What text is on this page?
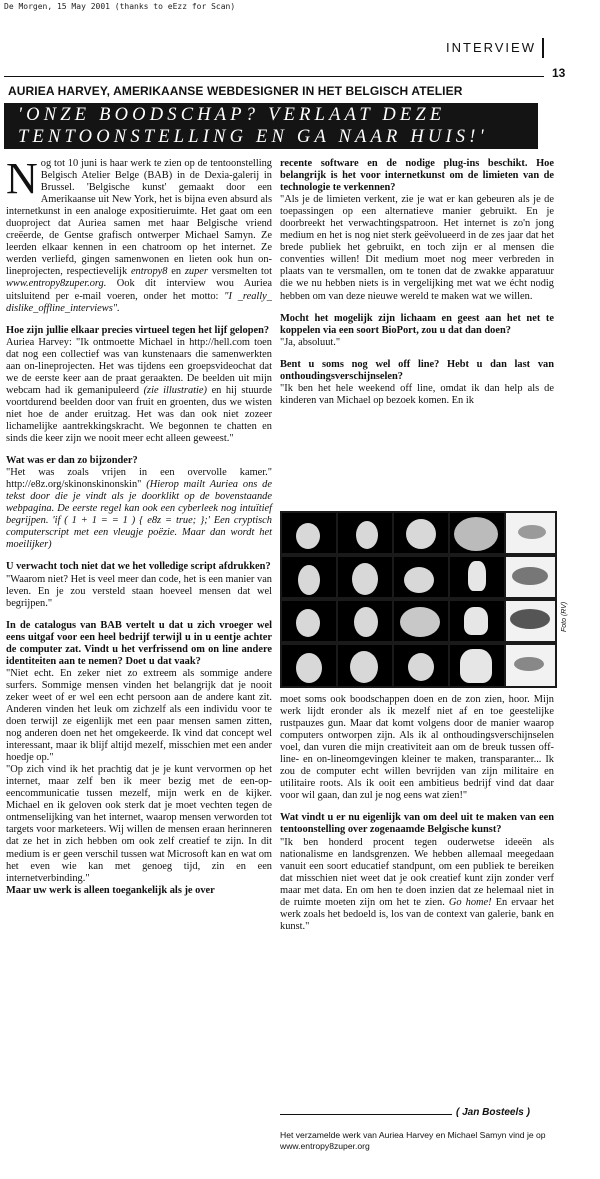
De Morgen, 15 May 2001 (thanks to eEzz for Scan)
INTERVIEW
13
AURIEA HARVEY, AMERIKAANSE WEBDESIGNER IN HET BELGISCH ATELIER
'ONZE BOODSCHAP? VERLAAT DEZE
TENTOONSTELLING EN GA NAAR HUIS!'

Nog tot 10 juni is haar werk te zien op de tentoonstelling Belgisch Atelier Belge (BAB) in de Dexia-galerij in Brussel. 'Belgische kunst' gemaakt door een Amerikaanse uit New York, het is bijna even absurd als internetkunst in een analoge expositieruimte. Het gaat om een duoproject dat Auriea samen met haar Belgische vriend creëerde, de Gentse grafisch ontwerper Michael Samyn. Ze leerden elkaar kennen in een chatroom op het internet. Ze werden verliefd, gingen samenwonen en lieten ook hun on-lineprojecten, respectievelijk entropy8 en zuper versmelten tot www.entropy8zuper.org. Ook dit interview wou Auriea uitsluitend per e-mail voeren, onder het motto: "I _really_ dislike_offline_interviews".

Hoe zijn jullie elkaar precies virtueel tegen het lijf gelopen?

Auriea Harvey: "Ik ontmoette Michael in http://hell.com toen dat nog een collectief was van kunstenaars die samenwerkten aan on-lineprojecten. Het was tijdens een groepsvideochat dat we de eerste keer aan de praat geraakten. De beelden uit mijn webcam had ik gemanipuleerd (zie illustratie) en hij stuurde voortdurend beelden door van fruit en groenten, dus we wisten niet hoe de ander eruitzag. Het was dan ook niet zozeer lichamelijke aantrekkingskracht. We begonnen te chatten en sinds die keer zijn we nooit meer echt alleen geweest."

Wat was er dan zo bijzonder?

"Het was zoals vrijen in een overvolle kamer." http://e8z.org/skinonskinonskin" (Hierop mailt Auriea ons de tekst door die je vindt als je doorklikt op de bovenstaande webpagina. De eerste regel kan ook een cyberleek nog intuïtief begrijpen. 'if ( 1 + 1 = = 1 ) { e8z = true; };' Een cryptisch computerscript met een vleugje poëzie. Maar dan wordt het moeilijker)

U verwacht toch niet dat we het volledige script afdrukken?

"Waarom niet? Het is veel meer dan code, het is een manier van leven. En je zou versteld staan hoeveel mensen dat wel begrijpen."

In de catalogus van BAB vertelt u dat u zich vroeger wel eens uitgaf voor een heel bedrijf terwijl u in u eentje achter de computer zat. Vindt u het verfrissend om on line andere identiteiten aan te nemen? Doet u dat vaak?

"Niet echt. En zeker niet zo extreem als sommige andere surfers. Sommige mensen vinden het belangrijk dat je nooit zeker weet of er wel een echt persoon aan de andere kant zit. Anderen vinden het leuk om zichzelf als een individu voor te doen terwijl ze eigenlijk met een paar mensen samen zitten, nog anderen doen net het omgekeerde. Ik vind dat concept wel interessant, maar ik blijf altijd mezelf, misschien met een ander hoedje op."

"Op zich vind ik het prachtig dat je je kunt vervormen op het internet, maar zelf ben ik meer bezig met de een-op-eencommunicatie tussen mezelf, mijn werk en de kijker. Michael en ik geloven ook sterk dat je moet vechten tegen de ontmenselijking van het internet, waarop mensen verworden tot targets voor marketeers. Wij willen de mensen eraan herinneren dat ze het in zich hebben om ook zelf creatief te zijn. In dit medium is er geen verschil tussen wat Microsoft kan en wat om het even wie kan met genoeg tijd, zin en een internetverbinding."

Maar uw werk is alleen toegankelijk als je over

recente software en de nodige plug-ins beschikt. Hoe belangrijk is het voor internetkunst om de limieten van de technologie te verkennen?

"Als je de limieten verkent, zie je wat er kan gebeuren als je de toepassingen op een alternatieve manier gebruikt. En je doorbreekt het verwachtingspatroon. Het internet is zo'n jong medium en het is nog niet sterk geëvolueerd in de zes jaar dat het brede publiek het gebruikt, en toch zijn er al mensen die conventies willen! Dit medium moet nog meer verbreden in plaats van te versmallen, om te tonen dat de zwakke apparatuur die we nu hebben niets is in vergelijking met wat we écht nodig hebben om van deze nieuwe wereld te maken wat we willen.

Mocht het mogelijk zijn lichaam en geest aan het net te koppelen via een soort BioPort, zou u dat dan doen?

"Ja, absoluut."

Bent u soms nog wel off line? Hebt u dan last van onthoudingsverschijnselen?

"Ik ben het hele weekend off line, omdat ik dan help als de kinderen van Michael op bezoek komen. En ik

Foto (RV)

moet soms ook boodschappen doen en de zon zien, hoor. Mijn werk lijdt eronder als ik mezelf niet af en toe geestelijke rustpauzes gun. Maar dat komt volgens door de manier waarop computers ontworpen zijn. Als ik al onthoudingsverschijnselen voel, dan vuren die mijn creativiteit aan om de breuk tussen off-line- en on-lineomgevingen kleiner te maken, transparanter... Ik zou de computer echt willen bevrijden van zijn militaire en utilitaire roots. Als ik ooit een ambitieus bedrijf vind dat daar voor wil gaan, dan zul je nog eens wat zien!"

Wat vindt u er nu eigenlijk van om deel uit te maken van een tentoonstelling over zogenaamde Belgische kunst?

"Ik ben honderd procent tegen ouderwetse ideeën als nationalisme en landsgrenzen. We hebben allemaal meegedaan vanuit een soort educatief standpunt, om een publiek te bereiken dat misschien niet weet dat je ook creatief kunt zijn zonder verf maar met data. En om hen te doen inzien dat ze helemaal niet in de ruimte moeten zijn om het te zien. Go home! En ervaar het werk zoals het bedoeld is, los van de context van galerie, bank en kunst."

( Jan Bosteels )
Het verzamelde werk van Auriea Harvey en Michael Samyn vind je op www.entropy8zuper.org
